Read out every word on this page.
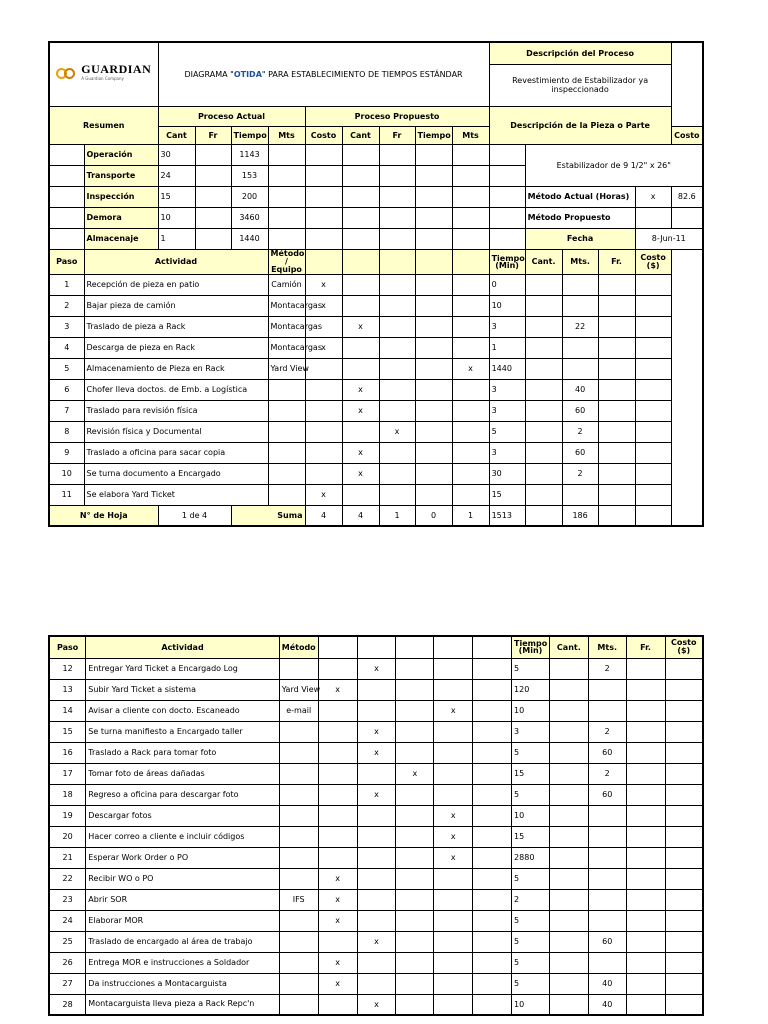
GUARDIAN
A Guardian Company		DIAGRAMA "OTIDA" PARA ESTABLECIMIENTO DE TIEMPOS ESTÁNDAR									Descripción del Proceso					
											Revestimiento de Estabilizador ya inspeccionado					

Resumen		Proceso Actual				Proceso Propuesto					Descripción de la Pieza o Parte					
		Cant	Fr	Tiempo	Mts	Costo	Cant	Fr	Tiempo	Mts						Costo
	Operación	30		1143								Estabilizador de 9 1/2" x 26"				
	Transporte	24		153												
	Inspección	15		200								Método Actual (Horas)			x	82.6
	Demora	10		3460								Método Propuesto				
	Almacenaje	1		1440								Fecha			8-Jun-11	
Paso	Actividad				Método / Equipo						Tiempo (Min)	Cant.	Mts.	Fr.	Costo ($)	
1	Recepción de pieza en patio				Camión	x					0					
2	Bajar pieza de camión				Montacargas	x					10					
3	Traslado de pieza a Rack				Montacargas		x				3		22			
4	Descarga de pieza en Rack				Montacargas	x					1					
5	Almacenamiento de Pieza en Rack				Yard View					x	1440					
6	Chofer lleva doctos. de Emb. a Logística						x				3		40			
7	Traslado para revisión física						x				3		60			
8	Revisión física y Documental							x			5		2			
9	Traslado a oficina para sacar copia						x				3		60			
10	Se turna documento a Encargado						x				30		2			
11	Se elabora Yard Ticket					x					15					
N° de Hoja		1 de 4		Suma		4	4	1	0	1	1513		186			
Paso	Actividad	Método						Tiempo (Min)	Cant.	Mts.	Fr.	Costo ($)
12	Entregar Yard Ticket a Encargado Log			x				5		2		
13	Subir Yard Ticket a sistema	Yard View	x					120				
14	Avisar a cliente con docto. Escaneado	e-mail				x		10				
15	Se turna manifiesto a Encargado taller			x				3		2		
16	Traslado a Rack para tomar foto			x				5		60		
17	Tomar foto de áreas dañadas				x			15		2		
18	Regreso a oficina para descargar foto			x				5		60		
19	Descargar fotos					x		10				
20	Hacer correo a cliente e incluir códigos					x		15				
21	Esperar Work Order o PO					x		2880				
22	Recibir WO o PO		x					5				
23	Abrir SOR	IFS	x					2				
24	Elaborar MOR		x					5				
25	Traslado de encargado al área de trabajo			x				5		60		
26	Entrega MOR e instrucciones a Soldador		x					5				
27	Da instrucciones a Montacarguista		x					5		40		
28	Montacarguista lleva pieza a Rack Repc'n			x				10		40		
